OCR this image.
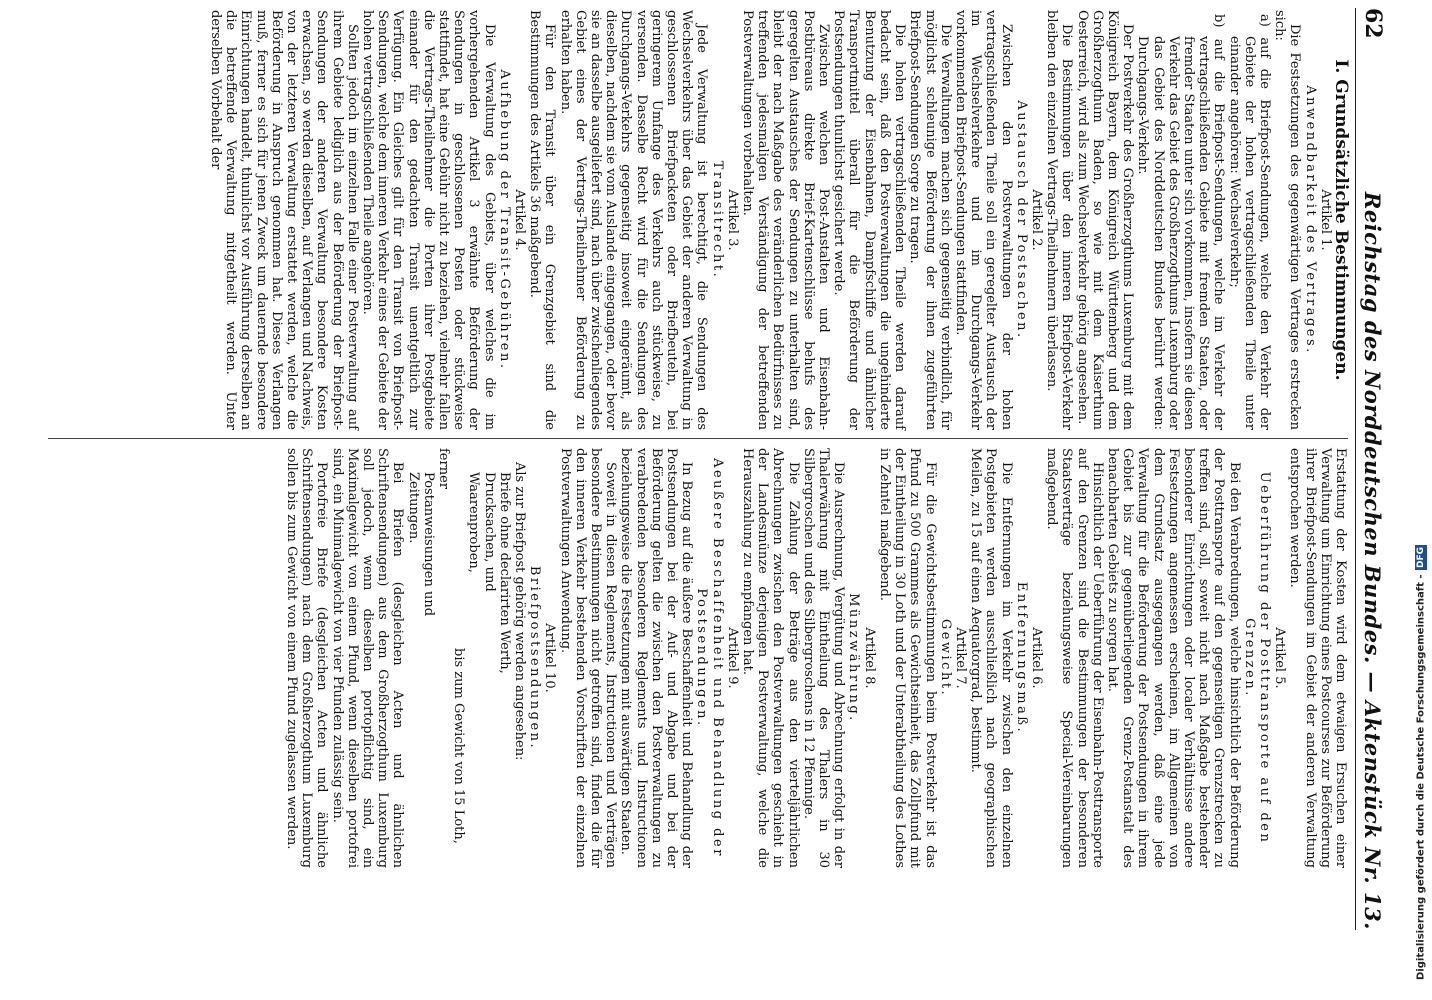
62
Reichstag des Norddeutschen Bundes. — Aktenstück Nr. 13.

I. Grundsätzliche Bestimmungen.

Artikel 1.

Anwendbarkeit des Vertrages.

Die Festsetzungen des gegenwärtigen Vertrages erstrecken sich:

a) auf die Briefpost-Sendungen, welche den Verkehr der Gebiete der hohen vertragschließenden Theile unter einander angehören: Wechselverkehr;

b) auf die Briefpost-Sendungen, welche im Verkehr der vertragschließenden Gebiete mit fremden Staaten, oder fremder Staaten unter sich vorkommen, insofern sie diesen Verkehr das Gebiet des Großherzogthums Luxemburg oder das Gebiet des Norddeutschen Bundes berührt werden: Durchgangs-Verkehr.

Der Postverkehr des Großherzogthums Luxemburg mit dem Königreich Bayern, dem Königreich Württemberg und dem Großherzogthum Baden, so wie mit dem Kaiserthum Oesterreich, wird als zum Wechselverkehr gehörig angesehen.

Die Bestimmungen über den inneren Briefpost-Verkehr bleiben den einzelnen Vertrags-Theilnehmern überlassen.

Artikel 2.

Austausch der Postsachen.

Zwischen den Postverwaltungen der hohen vertragschließenden Theile soll ein geregelter Austausch der im Wechselverkehre und im Durchgangs-Verkehr vorkommenden Briefpost-Sendungen stattfinden.

Die Verwaltungen machen sich gegenseitig verbindlich, für möglichst schleunige Beförderung der ihnen zugeführten Briefpost-Sendungen Sorge zu tragen.

Die hohen vertragschließenden Theile werden darauf bedacht sein, daß den Postverwaltungen die ungehinderte Benutzung der Eisenbahnen, Dampfschiffe und ähnlicher Transportmittel überall für die Beförderung der Postsendungen thunlichst gesichert werde.

Zwischen welchen Post-Anstalten und Eisenbahn-Postbüreaus direkte Brief-Kartenschlüsse behufs des geregelten Austausches der Sendungen zu unterhalten sind, bleibt der nach Maßgabe des veränderlichen Bedürfnisses zu treffenden jedesmaligen Verständigung der betreffenden Postverwaltungen vorbehalten.

Artikel 3.

Transitrecht.

Jede Verwaltung ist berechtigt, die Sendungen des Wechselverkehrs über das Gebiet der anderen Verwaltung in geschlossenen Briefpacketen oder Briefbeuteln, bei geringerem Umfange des Verkehrs auch stückweise, zu versenden. Dasselbe Recht wird für die Sendungen des Durchgangs-Verkehrs gegenseitig insoweit eingeräumt, als dieselben, nachdem sie vom Auslande eingegangen, oder bevor sie an dasselbe ausgeliefert sind, nach über zwischenliegendes Gebiet eines der Vertrags-Theilnehmer Beförderung zu erhalten haben.

Für den Transit über ein Grenzgebiet sind die Bestimmungen des Artikels 36 maßgebend.

Artikel 4.

Aufhebung der Transit-Gebühren.

Die Verwaltung des Gebiets, über welches die im vorhergehenden Artikel 3 erwähnte Beförderung der Sendungen in geschlossenen Posten oder stückweise stattfindet, hat eine Gebühr nicht zu beziehen, vielmehr fallen die Vertrags-Theilnehmer die Porten ihrer Postgebiete einander für den gedachten Transit unentgeltlich zur Verfügung. Ein Gleiches gilt für den Transit von Briefpost-Sendungen, welche dem inneren Verkehr eines der Gebiete der hohen vertragschließenden Theile angehören.

Sollten jedoch im einzelnen Falle einer Postverwaltung auf ihrem Gebiete lediglich aus der Beförderung der Briefpost-Sendungen der anderen Verwaltung besondere Kosten erwachsen, so werden dieselben, auf Verlangen und Nachweis, von der letzteren Verwaltung erstattet werden, welche die Beförderung in Anspruch genommen hat. Dieses Verlangen muß, ferner es sich für jenen Zweck um dauernde besondere Einrichtungen handelt, thunlichst vor Ausführung derselben an die betreffende Verwaltung mitgetheilt werden. Unter derselben Vorbehalt der

Erstattung der Kosten wird dem etwaigen Ersuchen einer Verwaltung um Einrichtung eines Postcourses zur Beförderung ihrer Briefpost-Sendungen im Gebiet der anderen Verwaltung entsprochen werden.

Artikel 5.

Ueberführung der Posttransporte auf den Grenzen.

Bei den Verabredungen, welche hinsichtlich der Beförderung der Posttransporte auf den gegenseitigen Grenzstrecken zu treffen sind, soll, soweit nicht nach Maßgabe bestehender besonderer Einrichtungen oder localer Verhältnisse andere Festsetzungen angemessen erscheinen, im Allgemeinen von dem Grundsatz ausgegangen werden, daß eine jede Verwaltung für die Beförderung der Postsendungen in ihrem Gebiet bis zur gegenüberliegenden Grenz-Postanstalt des benachbarten Gebiets zu sorgen hat.

Hinsichtlich der Ueberführung der Eisenbahn-Posttransporte auf den Grenzen sind die Bestimmungen der besonderen Staatsverträge beziehungsweise Special-Vereinbarungen maßgebend.

Artikel 6.

Entfernungsmaß.

Die Entfernungen im Verkehr zwischen den einzelnen Postgebieten werden ausschließlich nach geographischen Meilen, zu 15 auf einen Aequatorgrad, bestimmt.

Artikel 7.

Gewicht.

Für die Gewichtsbestimmungen beim Postverkehr ist das Pfund zu 500 Grammes als Gewichtseinheit, das Zollpfund mit der Eintheilung in 30 Loth und der Unterabtheilung des Lothes in Zehntel maßgebend.

Artikel 8.

Münzwährung.

Die Ausrechnung, Vergütung und Abrechnung erfolgt in der Thalerwährung mit Eintheilung des Thalers in 30 Silbergroschen und des Silbergroschens in 12 Pfennige.

Die Zahlung der Beträge aus den vierteljährlichen Abrechnungen zwischen den Postverwaltungen geschieht in der Landesmünze derjenigen Postverwaltung, welche die Herauszahlung zu empfangen hat.

Artikel 9.

Aeußere Beschaffenheit und Behandlung der Postsendungen.

In Bezug auf die äußere Beschaffenheit und Behandlung der Postsendungen bei der Auf- und Abgabe und bei der Beförderung gelten die zwischen den Postverwaltungen zu verabredenden besonderen Reglements und Instructionen beziehungsweise die Festsetzungen mit auswärtigen Staaten.

Soweit in diesen Reglements, Instructionen und Verträgen besondere Bestimmungen nicht getroffen sind, finden die für den inneren Verkehr bestehenden Vorschriften der einzelnen Postverwaltungen Anwendung.

Artikel 10.

Briefpostsendungen.

Als zur Briefpost gehörig werden angesehen:

Briefe ohne declarirten Werth,

Drucksachen, und

Waarenproben,

bis zum Gewicht von 15 Loth,

ferner

Postanweisungen und

Zeitungen.

Bei Briefen (desgleichen Acten und ähnlichen Schriftensendungen) aus dem Großherzogthum Luxemburg soll jedoch, wenn dieselben portopflichtig sind, ein Maximalgewicht von einem Pfund, wenn dieselben portofrei sind, ein Minimalgewicht von vier Pfunden zulässig sein.

Portofreie Briefe (desgleichen Acten und ähnliche Schriftensendungen) nach dem Großherzogthum Luxemburg sollen bis zum Gewicht von einem Pfund zugelassen werden.	Digitalisierung gefördert durch die Deutsche Forschungsgemeinschaft -
DFG
